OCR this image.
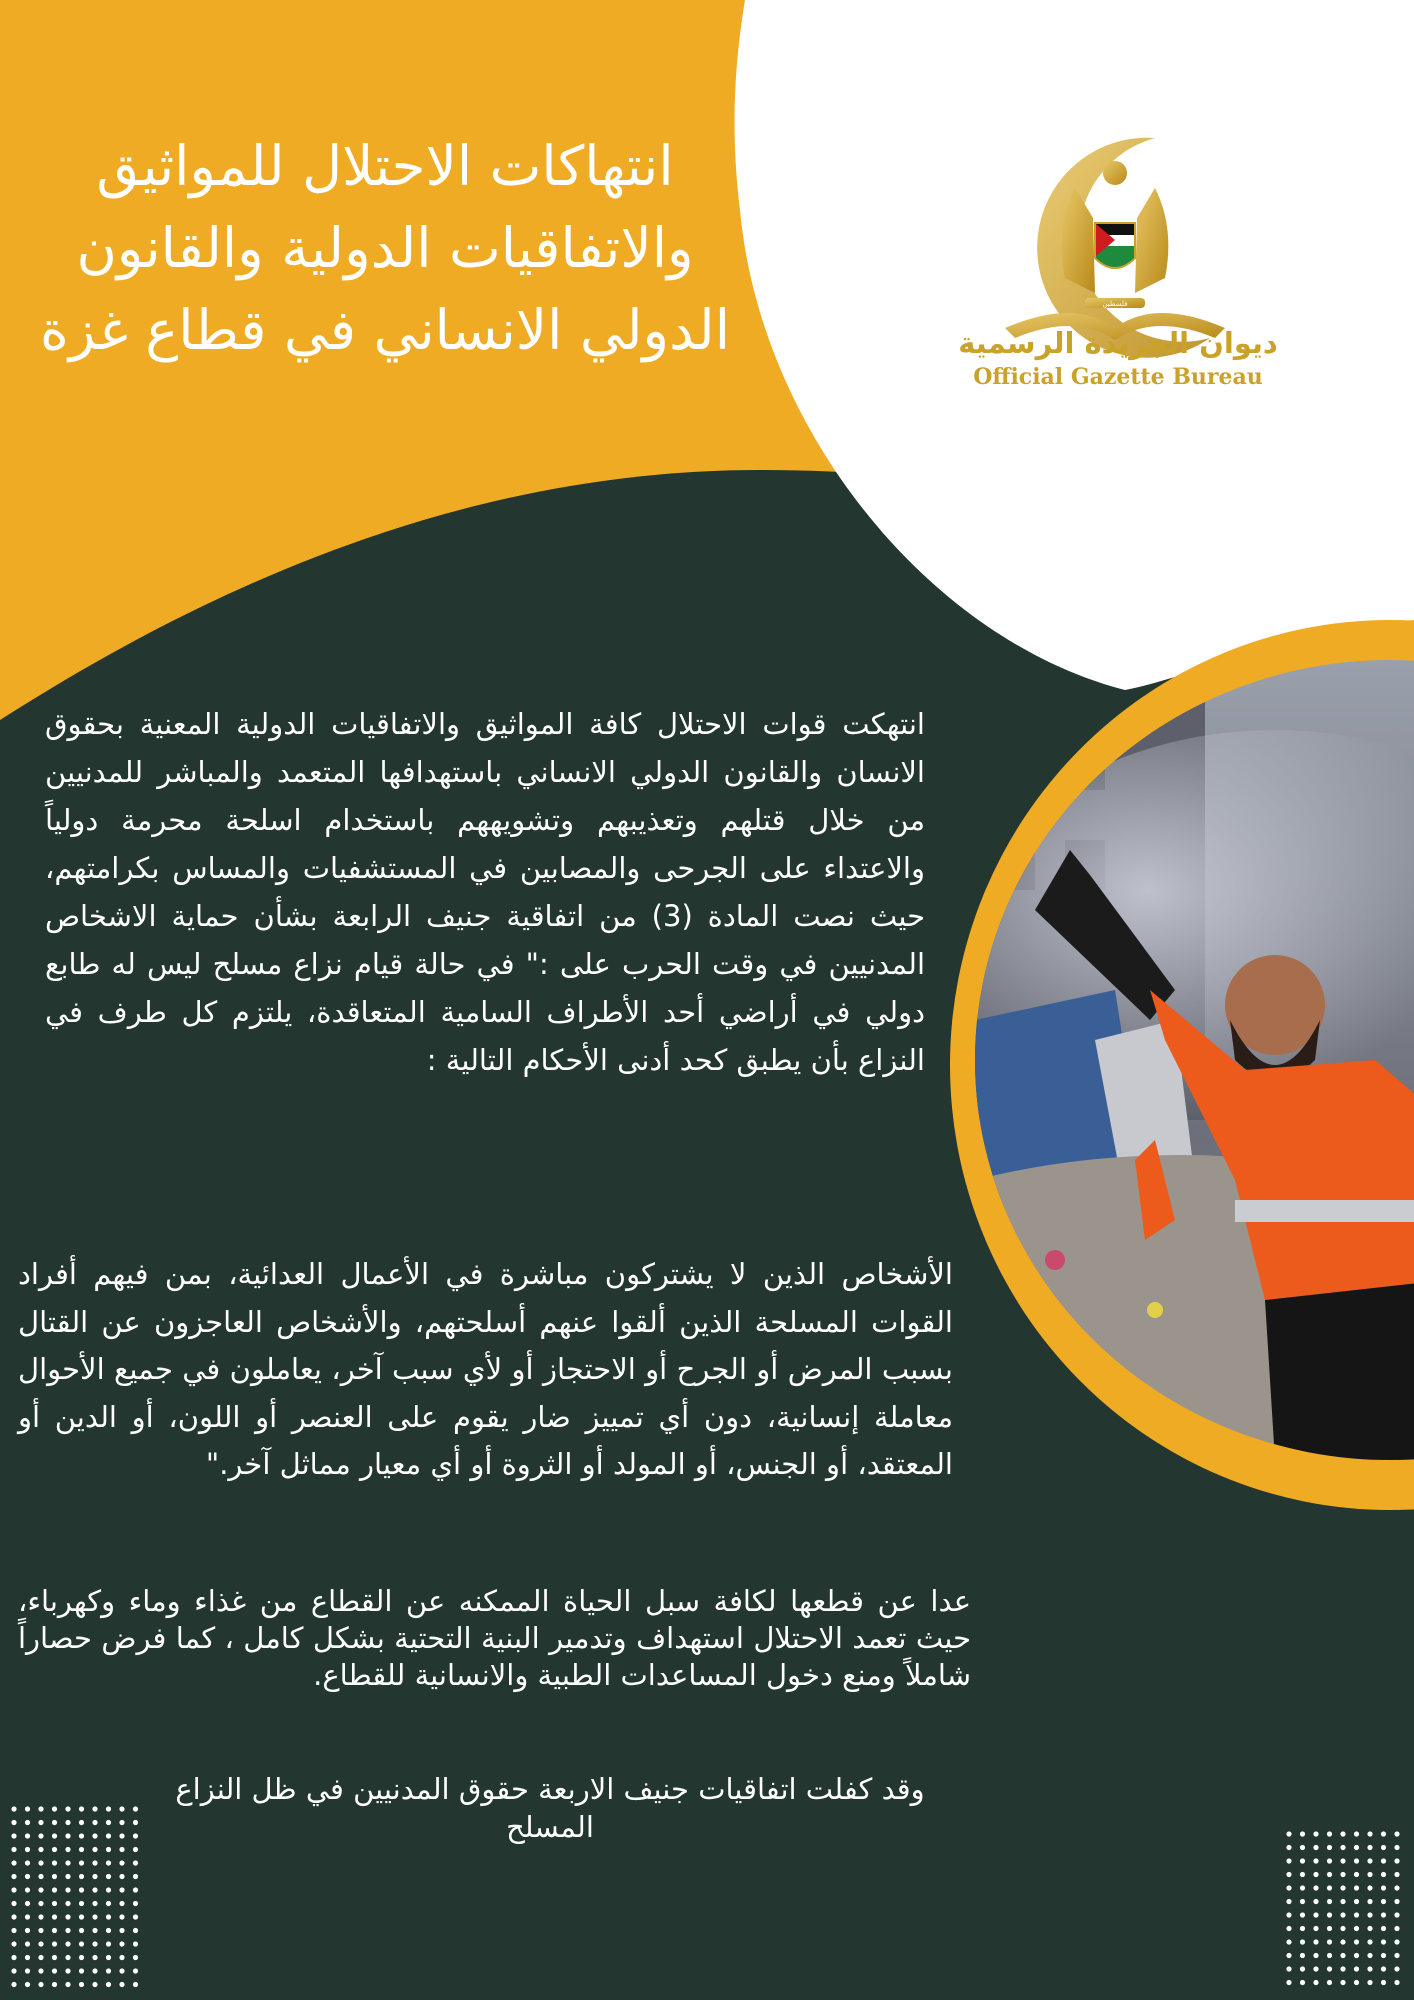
انتهاكات الاحتلال للمواثيق والاتفاقيات الدولية والقانون الدولي الانساني في قطاع غزة	فلسطين
ديوان الجريدة الرسمية
Official Gazette Bureau

انتهكت قوات الاحتلال كافة المواثيق والاتفاقيات الدولية المعنية بحقوق الانسان والقانون الدولي الانساني باستهدافها المتعمد والمباشر للمدنيين من خلال قتلهم وتعذيبهم وتشويههم باستخدام اسلحة محرمة دولياً والاعتداء على الجرحى والمصابين في المستشفيات والمساس بكرامتهم، حيث نصت المادة (3) من اتفاقية جنيف الرابعة بشأن حماية الاشخاص المدنيين في وقت الحرب على :" في حالة قيام نزاع مسلح ليس له طابع دولي في أراضي أحد الأطراف السامية المتعاقدة، يلتزم كل طرف في النزاع بأن يطبق كحد أدنى الأحكام التالية :

الأشخاص الذين لا يشتركون مباشرة في الأعمال العدائية، بمن فيهم أفراد القوات المسلحة الذين ألقوا عنهم أسلحتهم، والأشخاص العاجزون عن القتال بسبب المرض أو الجرح أو الاحتجاز أو لأي سبب آخر، يعاملون في جميع الأحوال معاملة إنسانية، دون أي تمييز ضار يقوم على العنصر أو اللون، أو الدين أو المعتقد، أو الجنس، أو المولد أو الثروة أو أي معيار مماثل آخر."

عدا عن قطعها لكافة سبل الحياة الممكنه عن القطاع من غذاء وماء وكهرباء، حيث تعمد الاحتلال استهداف وتدمير البنية التحتية بشكل كامل ، كما فرض حصاراً شاملاً ومنع دخول المساعدات الطبية والانسانية للقطاع.

وقد كفلت اتفاقيات جنيف الاربعة حقوق المدنيين في ظل النزاع المسلح
